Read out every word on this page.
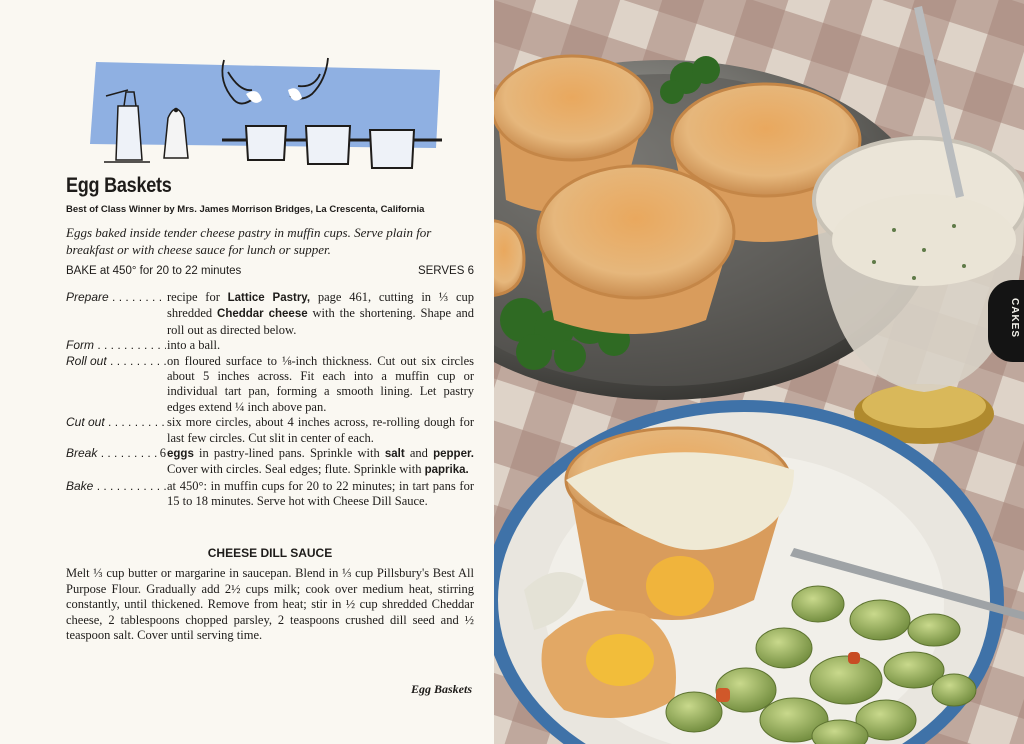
Egg Baskets
Best of Class Winner by Mrs. James Morrison Bridges, La Crescenta, California
Eggs baked inside tender cheese pastry in muffin cups. Serve plain for breakfast or with cheese sauce for lunch or supper.
BAKE at 450° for 20 to 22 minutes	SERVES 6
Prepare . . .	recipe for Lattice Pastry, page 461, cutting in ⅓ cup shredded Cheddar cheese with the shortening. Shape and roll out as directed below.
Form . . .	into a ball.
Roll out . . .	on floured surface to ⅛-inch thickness. Cut out six circles about 5 inches across. Fit each into a muffin cup or individual tart pan, forming a smooth lining. Let pastry edges extend ¼ inch above pan.
Cut out . . .	six more circles, about 4 inches across, re-rolling dough for last few circles. Cut slit in center of each.
Break . . .	6 eggs in pastry-lined pans. Sprinkle with salt and pepper. Cover with circles. Seal edges; flute. Sprinkle with paprika.
Bake . . .	at 450°: in muffin cups for 20 to 22 minutes; in tart pans for 15 to 18 minutes. Serve hot with Cheese Dill Sauce.
CHEESE DILL SAUCE
Melt ⅓ cup butter or margarine in saucepan. Blend in ⅓ cup Pillsbury's Best All Purpose Flour. Gradually add 2½ cups milk; cook over medium heat, stirring constantly, until thickened. Remove from heat; stir in ½ cup shredded Cheddar cheese, 2 tablespoons chopped parsley, 2 teaspoons crushed dill seed and ½ teaspoon salt. Cover until serving time.
Egg Baskets
CAKES
